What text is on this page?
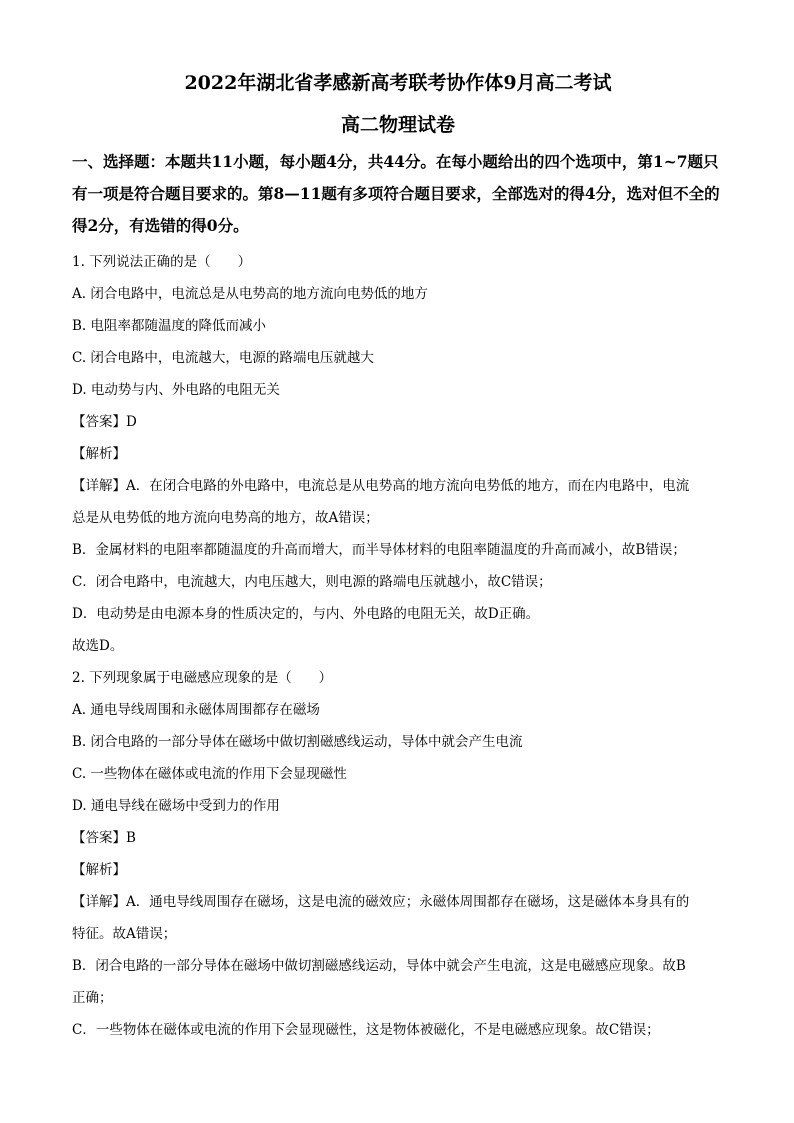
2022年湖北省孝感新高考联考协作体9月高二考试
高二物理试卷

一、选择题：本题共11小题，每小题4分，共44分。在每小题给出的四个选项中，第1~7题只有一项是符合题目要求的。第8—11题有多项符合题目要求，全部选对的得4分，选对但不全的得2分，有选错的得0分。

1. 下列说法正确的是（　　）

A. 闭合电路中，电流总是从电势高的地方流向电势低的地方

B. 电阻率都随温度的降低而减小

C. 闭合电路中，电流越大，电源的路端电压就越大

D. 电动势与内、外电路的电阻无关

【答案】D

【解析】

【详解】A．在闭合电路的外电路中，电流总是从电势高的地方流向电势低的地方，而在内电路中，电流

总是从电势低的地方流向电势高的地方，故A错误；

B．金属材料的电阻率都随温度的升高而增大，而半导体材料的电阻率随温度的升高而减小，故B错误；

C．闭合电路中，电流越大，内电压越大，则电源的路端电压就越小，故C错误；

D．电动势是由电源本身的性质决定的，与内、外电路的电阻无关，故D正确。

故选D。

2. 下列现象属于电磁感应现象的是（　　）

A. 通电导线周围和永磁体周围都存在磁场

B. 闭合电路的一部分导体在磁场中做切割磁感线运动，导体中就会产生电流

C. 一些物体在磁体或电流的作用下会显现磁性

D. 通电导线在磁场中受到力的作用

【答案】B

【解析】

【详解】A．通电导线周围存在磁场，这是电流的磁效应；永磁体周围都存在磁场，这是磁体本身具有的

特征。故A错误；

B．闭合电路的一部分导体在磁场中做切割磁感线运动，导体中就会产生电流，这是电磁感应现象。故B

正确；

C．一些物体在磁体或电流的作用下会显现磁性，这是物体被磁化，不是电磁感应现象。故C错误；
